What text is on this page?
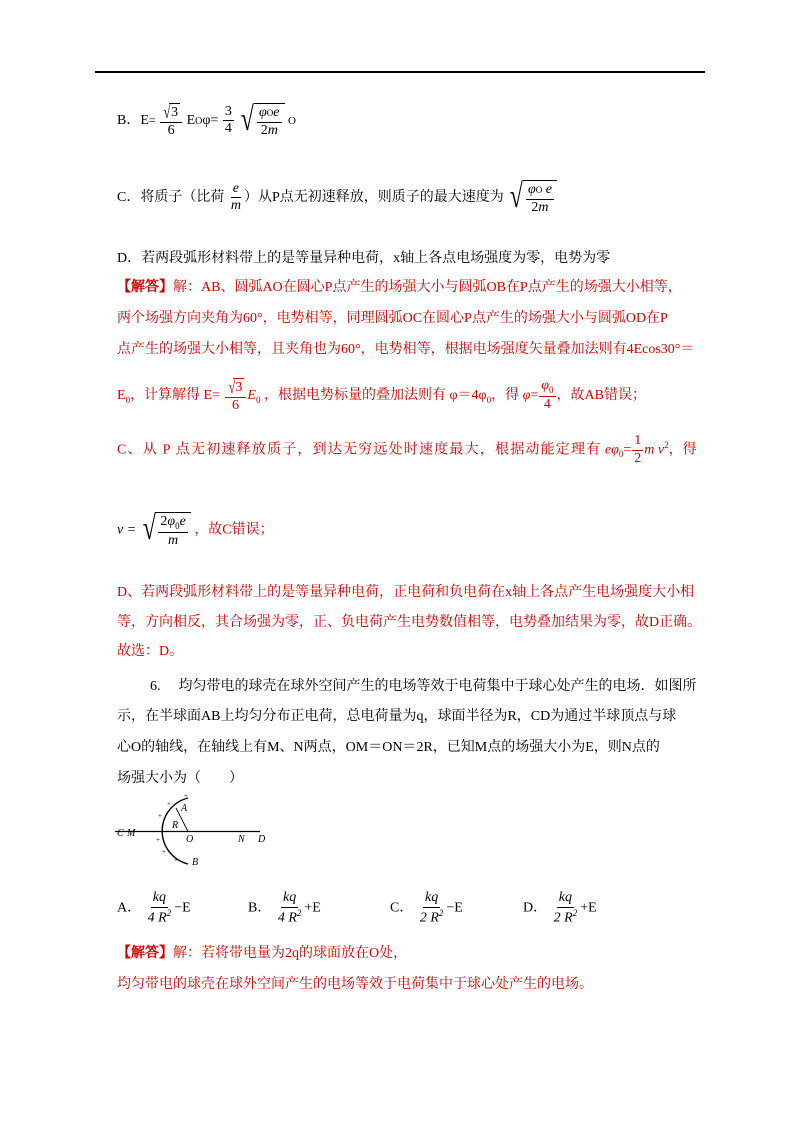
B．$E= \frac{√ 3}{6} EO\varphi= \frac{3}{4}$
√ $\frac{\text{φOe}}{2m}$ O
C．将质子（比荷 $\frac{e}{m}$ ）从P点无初速释放，则质子的最大速度为 √ $\frac{\text{φO e}}{2m}$
D．若两段弧形材料带上的是等量异种电荷，x轴上各点电场强度为零，电势为零
【解答】解：AB、圆弧AO在圆心P点产生的场强大小与圆弧OB在P点产生的场强大小相等，
两个场强方向夹角为60°，电势相等，同理圆弧OC在圆心P点产生的场强大小与圆弧OD在P
点产生的场强大小相等，且夹角也为60°，电势相等，根据电场强度矢量叠加法则有4Ecos30°＝
$E_0$，计算解得 $E= \frac{√ 3}{6} E_0$ ，根据电势标量的叠加法则有 $\varphi=4\varphi_0$，得 $\varphi= \frac{\varphi_0}{4}$ ，故AB错误；
C、从 P 点无初速释放质子，到达无穷远处时速度最大，根据动能定理有 $e\varphi_0= \frac{1}{2}$ m $v^2$，得
v = √ $\frac{2\varphi_0e}{m}$ ，故C错误；
D、若两段弧形材料带上的是等量异种电荷，正电荷和负电荷在x轴上各点产生电场强度大小相
等，方向相反，其合场强为零，正、负电荷产生电势数值相等，电势叠加结果为零，故D正确。
故选：D。
6. 均匀带电的球壳在球外空间产生的电场等效于电荷集中于球心处产生的电场．如图所
示，在半球面AB上均匀分布正电荷，总电荷量为q，球面半径为R，CD为通过半球顶点与球
心O的轴线，在轴线上有M、N两点，OM＝ON＝2R，已知M点的场强大小为E，则N点的
场强大小为（　　）
+
+
+
+
+
+
C M
R
O
A
N D
B
A． $\frac{kq}{4 R^2} -E$	B． $\frac{kq}{4 R^2} +E$	C． $\frac{kq}{2 R^2} -E$	D． $\frac{kq}{2 R^2} +E$
【解答】解：若将带电量为2q的球面放在O处，
均匀带电的球壳在球外空间产生的电场等效于电荷集中于球心处产生的电场。
